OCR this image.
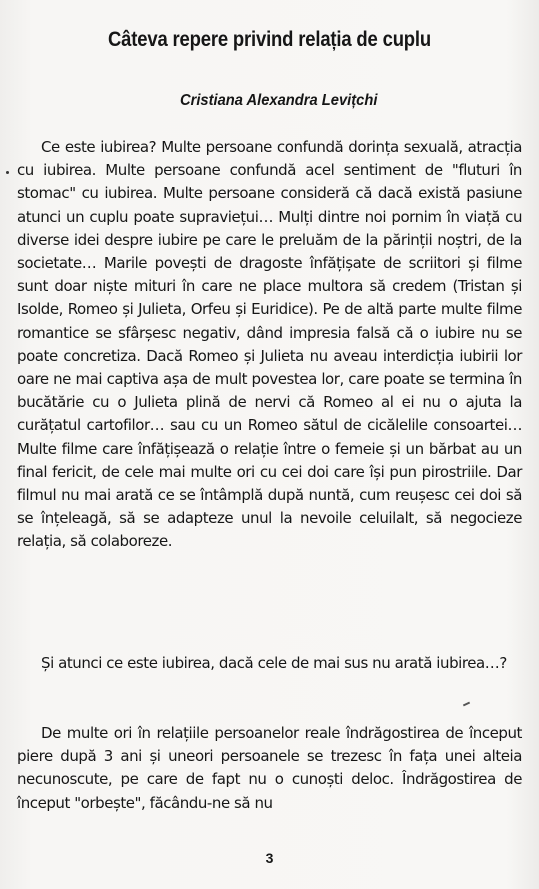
Câteva repere privind relația de cuplu
Cristiana Alexandra Levițchi

Ce este iubirea? Multe persoane confundă dorința sexuală, atracția cu iubirea. Multe persoane confundă acel sentiment de "fluturi în stomac" cu iubirea. Multe persoane consideră că dacă există pasiune atunci un cuplu poate supraviețui… Mulți dintre noi pornim în viață cu diverse idei despre iubire pe care le preluăm de la părinții noștri, de la societate… Marile povești de dragoste înfățișate de scriitori și filme sunt doar niște mituri în care ne place multora să credem (Tristan și Isolde, Romeo și Julieta, Orfeu și Euridice). Pe de altă parte multe filme romantice se sfârșesc negativ, dând impresia falsă că o iubire nu se poate concretiza. Dacă Romeo și Julieta nu aveau interdicția iubirii lor oare ne mai captiva așa de mult povestea lor, care poate se termina în bucătărie cu o Julieta plină de nervi că Romeo al ei nu o ajuta la curățatul cartofilor… sau cu un Romeo sătul de cicălelile consoartei… Multe filme care înfățișează o relație între o femeie și un bărbat au un final fericit, de cele mai multe ori cu cei doi care își pun pirostriile. Dar filmul nu mai arată ce se întâmplă după nuntă, cum reușesc cei doi să se înțeleagă, să se adapteze unul la nevoile celuilalt, să negocieze relația, să colaboreze.

Și atunci ce este iubirea, dacă cele de mai sus nu arată iubirea…?

De multe ori în relațiile persoanelor reale îndrăgostirea de început piere după 3 ani și uneori persoanele se trezesc în fața unei alteia necunoscute, pe care de fapt nu o cunoști deloc. Îndrăgostirea de început "orbește", făcându-ne să nu

3
